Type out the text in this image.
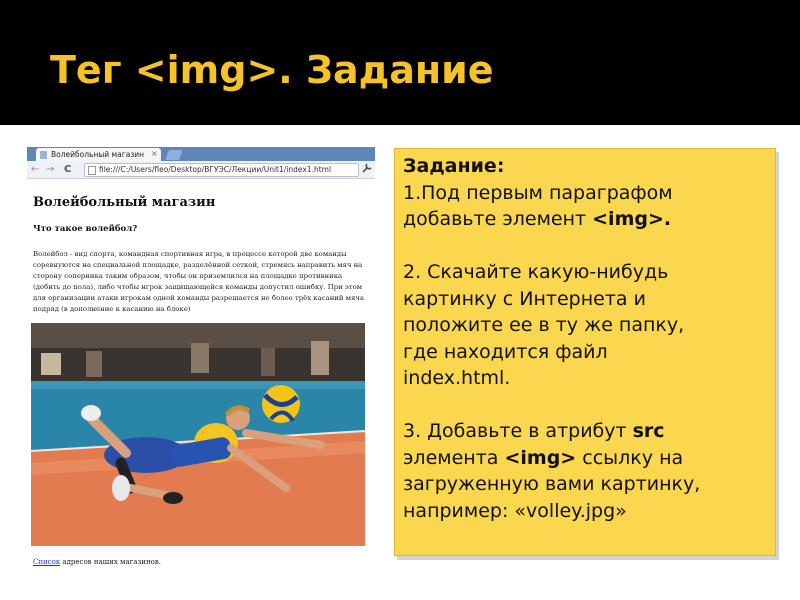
Тег <img>. Задание
Волейбольный магазин ×
← → C	file:///C:/Users/fleo/Desktop/ВГУЭС/Лекции/Unit1/index1.html
Волейбольный магазин
Что такое волейбол?
Волейбол - вид спорта, командная спортивная игра, в процессе которой две команды
соревнуются на специальной площадке, разделённой сеткой, стремясь направить мяч на
сторону соперника таким образом, чтобы он приземлился на площадке противника
(добить до пола), либо чтобы игрок защищающейся команды допустил ошибку. При этом
для организации атаки игрокам одной команды разрешается не более трёх касаний мяча
подряд (в дополнение к касанию на блоке)
Список адресов наших магазинов.
Задание:
1.Под первым параграфом
добавьте элемент <img>.
2. Скачайте какую-нибудь
картинку с Интернета и
положите ее в ту же папку,
где находится файл
index.html.
3. Добавьте в атрибут src
элемента <img> ссылку на
загруженную вами картинку,
например: «volley.jpg»
